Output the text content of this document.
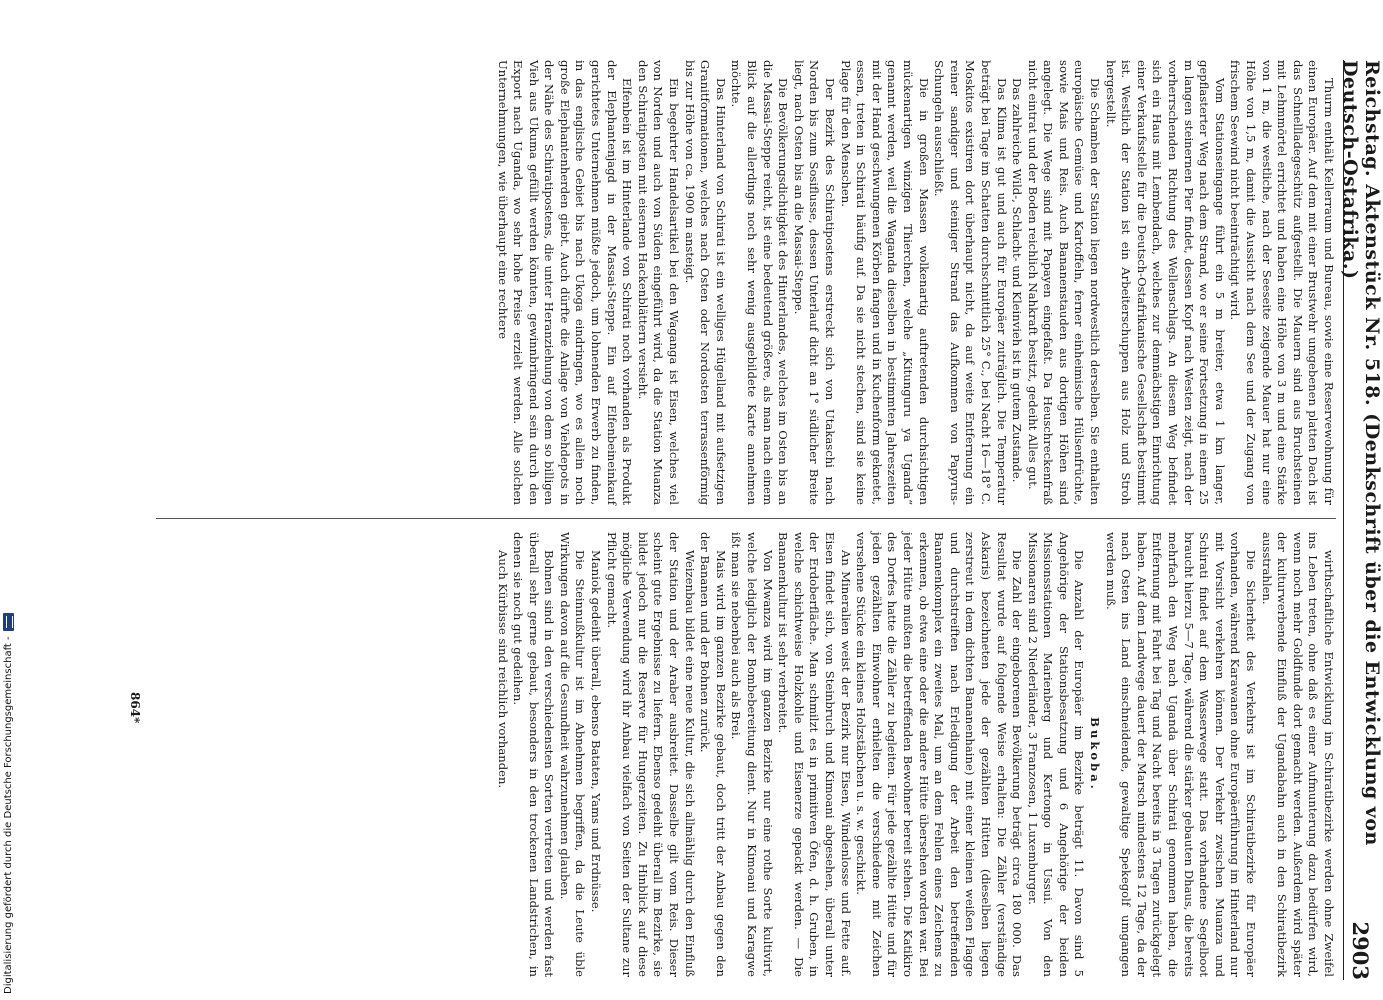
Digitalisierung gefördert durch die Deutsche Forschungsgemeinschaft -	Reichstag. Aktenstück Nr. 518. (Denkschrift über die Entwicklung von Deutsch-Ostafrika.)
2903

Thurm enthält Kellerraum und Bureau, sowie eine Reservewohnung für einen Europäer. Auf dem mit einer Brustwehr umgebenen platten Dach ist das Schnellladegeschütz aufgestellt. Die Mauern sind aus Bruchsteinen mit Lehmmörtel errichtet und haben eine Höhe von 3 m und eine Stärke von 1 m, die westliche, nach der Seeseite zeigende Mauer hat nur eine Höhe von 1,5 m, damit die Aussicht nach dem See und der Zugang von frischem Seewind nicht beeinträchtigt wird.

Vom Stationseingange führt ein 5 m breiter, etwa 1 km langer, gepflasterter Weg nach dem Strand, wo er seine Fortsetzung in einem 25 m langen steinernen Pier findet, dessen Kopf nach Westen zeigt, nach der vorherrschenden Richtung des Wellenschlags. An diesem Weg befindet sich ein Haus mit Lembendach, welches zur demnächstigen Einrichtung einer Verkaufsstelle für die Deutsch-Ostafrikanische Gesellschaft bestimmt ist. Westlich der Station ist ein Arbeiterschuppen aus Holz und Stroh hergestellt.

Die Schamben der Station liegen nordwestlich derselben. Sie enthalten europäische Gemüse und Kartoffeln, ferner einheimische Hülsenfrüchte, sowie Mais und Reis. Auch Bananenstauden aus dortigen Höhen sind angelegt. Die Wege sind mit Papayen eingefaßt. Da Heuschreckenfraß nicht eintrat und der Boden reichlich Nahkraft besitzt, gedeiht Alles gut.

Das zahlreiche Wild-, Schlacht- und Kleinvieh ist in gutem Zustande.

Das Klima ist gut und auch für Europäer zuträglich. Die Temperatur beträgt bei Tage im Schatten durchschnittlich 25° C., bei Nacht 16—18° C. Moskitos existiren dort überhaupt nicht, da auf weite Entfernung ein reiner sandiger und steiniger Strand das Aufkommen von Papyrus-Schungeln ausschließt.

Die in großen Massen wolkenartig auftretenden durchsichtigen mückenartigen winzigen Thierchen, welche „Kitunguru ya Uganda“ genannt werden, weil die Waganda dieselben in bestimmten Jahreszeiten mit der Hand geschwungenen Körben fangen und in Kuchenform geknetet, essen, treten in Schirati häufig auf. Da sie nicht stechen, sind sie keine Plage für den Menschen.

Der Bezirk des Schiratipostens erstreckt sich von Utakaschi nach Norden bis zum Sosiflusse, dessen Unterlauf dicht an 1° südlicher Breite liegt, nach Osten bis an die Massai-Steppe.

Die Bevölkerungsdichtigkeit des Hinterlandes, welches im Osten bis an die Massai-Steppe reicht, ist eine bedeutend größere, als man nach einem Blick auf die allerdings noch sehr wenig ausgebildete Karte annehmen möchte.

Das Hinterland von Schirati ist ein welliges Hügelland mit aufsetzigen Granitformationen, welches nach Osten oder Nordosten terrassenförmig bis zur Höhe von ca. 1900 m ansteigt.

Ein begehrter Handelsartikel bei den Waganga ist Eisen, welches viel von Norden und auch von Süden eingeführt wird, da die Station Muanza den Schiratiposten mit eisernen Hackenblättern versieht.

Elfenbein ist im Hinterlande von Schirati noch vorhanden als Produkt der Elephantenjagd in der Massai-Steppe. Ein auf Elfenbeineinkauf gerichtetes Unternehmen müßte jedoch, um lohnenden Erwerb zu finden, in das englische Gebiet bis nach Ukoga eindringen, wo es allein noch große Elephantenherden giebt. Auch dürfte die Anlage von Viehdepots in der Nähe des Schiratipostens, die unter Heranziehung von dem so billigen Vieh aus Ukuma gefüllt werden könnten, gewinnbringend sein durch den Export nach Uganda, wo sehr hohe Preise erzielt werden. Alle solchen Unternehmungen, wie überhaupt eine rechtere

wirthschaftliche Entwicklung im Schiratibezirke werden ohne Zweifel ins Leben treten, ohne daß es einer Aufmunterung dazu bedürfen wird, wenn noch mehr Goldfunde dort gemacht werden. Außerdem wird später der kulturwerbende Einfluß der Ugandabahn auch in den Schiratibezirk ausstrahlen.

Die Sicherheit des Verkehrs ist im Schiratibezirke für Europäer vorhanden, während Karawanen ohne Europäerführung im Hinterland nur mit Vorsicht verkehren können. Der Verkehr zwischen Muanza und Schirati findet auf dem Wasserwege statt. Das vorhandene Segelboot braucht hierzu 5—7 Tage, während die stärker gebauten Dhaus, die bereits mehrfach den Weg nach Uganda über Schirati genommen haben, die Entfernung mit Fahrt bei Tag und Nacht bereits in 3 Tagen zurückgelegt haben. Auf dem Landwege dauert der Marsch mindestens 12 Tage, da der nach Osten ins Land einschneidende, gewaltige Spekegolf umgangen werden muß.

Bukoba.

Die Anzahl der Europäer im Bezirke beträgt 11. Davon sind 5 Angehörige der Stationsbesatzung und 6 Angehörige der beiden Missionsstationen Marienberg und Kertongo in Ussui. Von den Missionaren sind 2 Niederländer, 3 Franzosen, 1 Luxemburger.

Die Zahl der eingeborenen Bevölkerung beträgt circa 180 000. Das Resultat wurde auf folgende Weise erhalten: Die Zähler (verständige Askaris) bezeichneten jede der gezählten Hütten (dieselben liegen zerstreut in dem dichten Bananenhaine) mit einer kleinen weißen Flagge und durchstreiften nach Erledigung der Arbeit den betreffenden Bananenkomplex ein zweites Mal, um an dem Fehlen eines Zeichens zu erkennen, ob etwa eine oder die andere Hütte übersehen worden war. Bei jeder Hütte mußten die betreffenden Bewohner bereit stehen. Die Katikiro des Dorfes hatte die Zähler zu begleiten. Für jede gezählte Hütte und für jeden gezählten Einwohner erhielten die verschiedene mit Zeichen versehene Stücke ein kleines Holzstäbchen u. s. w. geschickt.

An Mineralien weist der Bezirk nur Eisen, Windenlosse und Fette auf. Eisen findet sich, von Steinbruch und Kimoani abgesehen, überall unter der Erdoberfläche. Man schmilzt es in primitiven Öfen, d. h. Gruben, in welche schichtweise Holzkohle und Eisenerze gepackt werden. — Die Bananenkultur ist sehr verbreitet.

Von Mwanza wird im ganzen Bezirke nur eine rothe Sorte kultivirt, welche lediglich der Bombebereitung dient. Nur in Kimoani und Karagwe ißt man sie nebenbei auch als Brei.

Mais wird im ganzen Bezirke gebaut, doch tritt der Anbau gegen den der Bananen und der Bohnen zurück.

Weizenbau bildet eine neue Kultur, die sich allmählig durch den Einfluß der Station und der Araber ausbreitet. Dasselbe gilt vom Reis. Dieser scheint gute Ergebnisse zu liefern. Ebenso gedeiht überall im Bezirke, sie bildet jedoch nur die Reserve für Hungerzeiten. Zu Hinblick auf diese mögliche Verwendung wird ihr Anbau vielfach von Seiten der Sultane zur Pflicht gemacht.

Maniok gedeiht überall, ebenso Bataten, Yams und Erdnüsse.

Die Steinnußkultur ist im Abnehmen begriffen, da die Leute üble Wirkungen davon auf die Gesundheit wahrzunehmen glauben.

Bohnen sind in den verschiedensten Sorten vertreten und werden fast überall sehr gerne gebaut, besonders in den trockenen Landstrichen, in denen sie noch gut gedeihen.

Auch Kürbisse sind reichlich vorhanden.

864*
